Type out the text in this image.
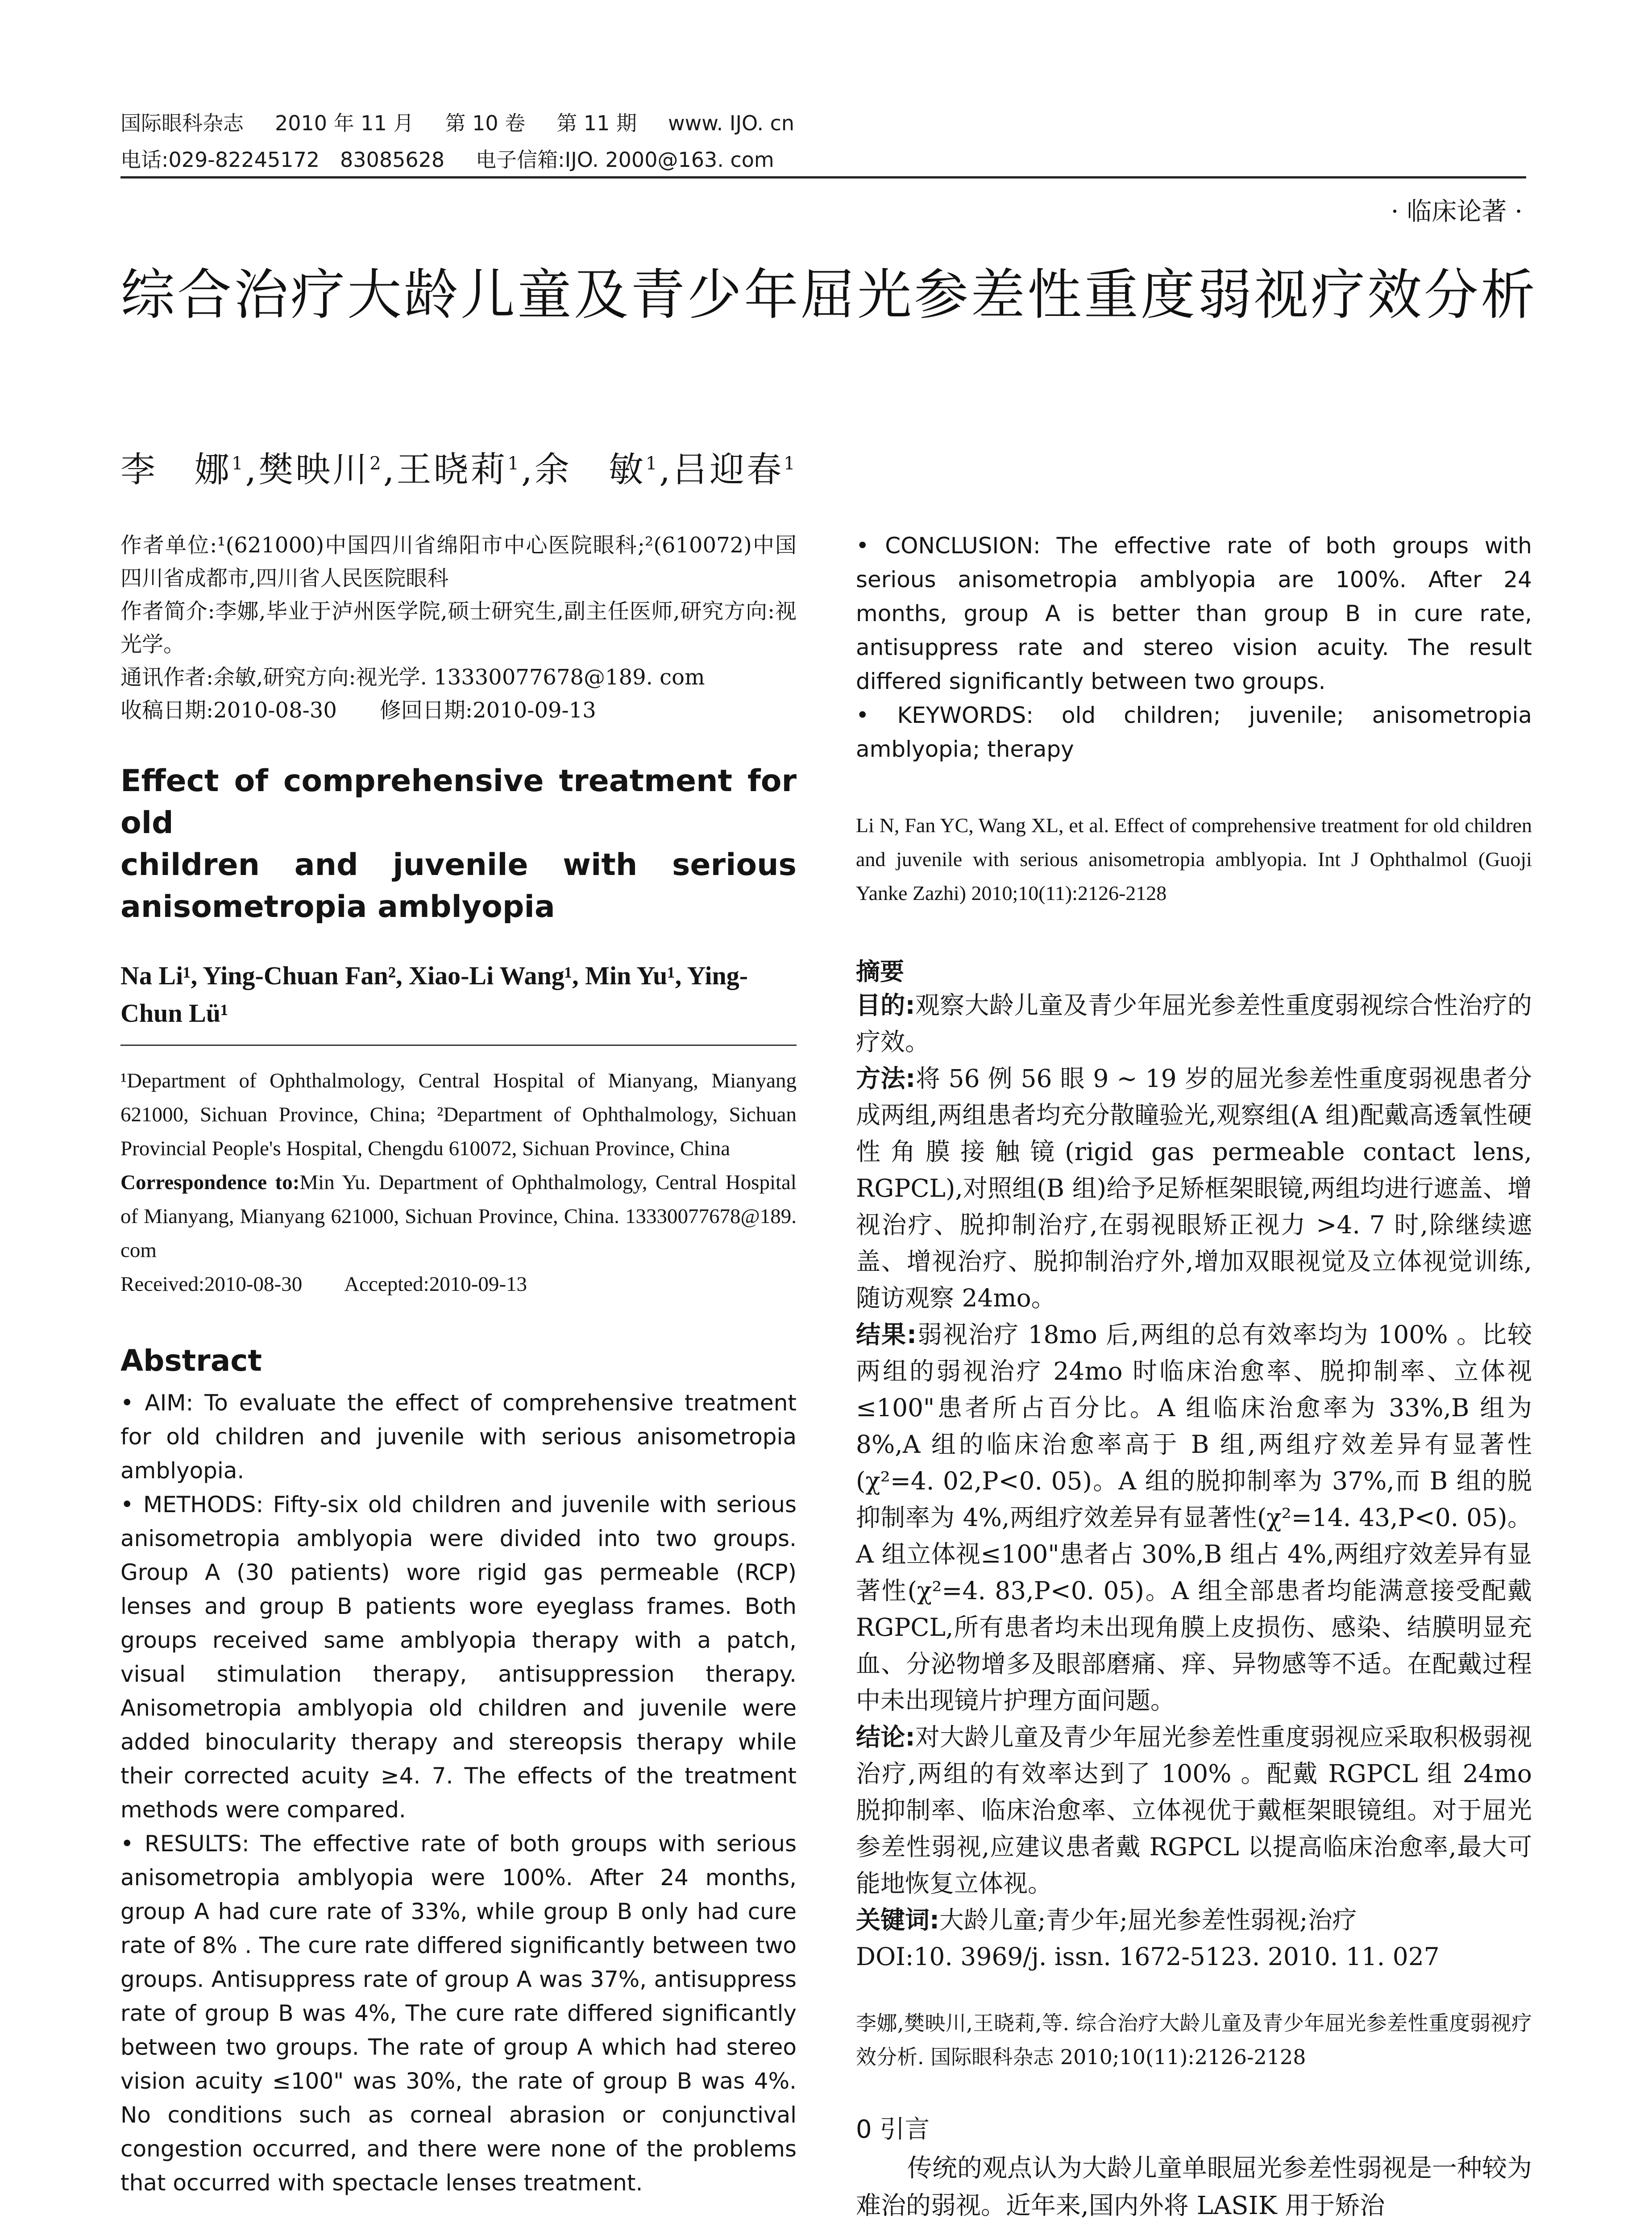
国际眼科杂志 2010 年 11 月 第 10 卷 第 11 期 www. IJO. cn
电话:029-82245172　83085628 电子信箱:IJO. 2000@163. com
· 临床论著 ·
综合治疗大龄儿童及青少年屈光参差性重度弱视疗效分析
李　娜$^1$,樊映川$^2$,王晓莉$^1$,余　敏$^1$,吕迎春$^1$

作者单位:¹(621000)中国四川省绵阳市中心医院眼科;²(610072)中国四川省成都市,四川省人民医院眼科

作者简介:李娜,毕业于泸州医学院,硕士研究生,副主任医师,研究方向:视光学。

通讯作者:余敏,研究方向:视光学. 13330077678@189. com

收稿日期:2010-08-30　　修回日期:2010-09-13

Effect of comprehensive treatment for old
children and juvenile with serious
anisometropia amblyopia
Na Li¹, Ying-Chuan Fan², Xiao-Li Wang¹, Min Yu¹, Ying-Chun Lü¹

¹Department of Ophthalmology, Central Hospital of Mianyang, Mianyang 621000, Sichuan Province, China; ²Department of Ophthalmology, Sichuan Provincial People's Hospital, Chengdu 610072, Sichuan Province, China

Correspondence to:Min Yu. Department of Ophthalmology, Central Hospital of Mianyang, Mianyang 621000, Sichuan Province, China. 13330077678@189. com

Received:2010-08-30　　Accepted:2010-09-13

Abstract

• AIM: To evaluate the effect of comprehensive treatment for old children and juvenile with serious anisometropia amblyopia.

• METHODS: Fifty-six old children and juvenile with serious anisometropia amblyopia were divided into two groups. Group A (30 patients) wore rigid gas permeable (RCP) lenses and group B patients wore eyeglass frames. Both groups received same amblyopia therapy with a patch, visual stimulation therapy, antisuppression therapy. Anisometropia amblyopia old children and juvenile were added binocularity therapy and stereopsis therapy while their corrected acuity ≥4. 7. The effects of the treatment methods were compared.

• RESULTS: The effective rate of both groups with serious anisometropia amblyopia were 100%. After 24 months, group A had cure rate of 33%, while group B only had cure rate of 8% . The cure rate differed significantly between two groups. Antisuppress rate of group A was 37%, antisuppress rate of group B was 4%, The cure rate differed significantly between two groups. The rate of group A which had stereo vision acuity ≤100" was 30%, the rate of group B was 4%. No conditions such as corneal abrasion or conjunctival congestion occurred, and there were none of the problems that occurred with spectacle lenses treatment.

• CONCLUSION: The effective rate of both groups with serious anisometropia amblyopia are 100%. After 24 months, group A is better than group B in cure rate, antisuppress rate and stereo vision acuity. The result differed significantly between two groups.

• KEYWORDS: old children; juvenile; anisometropia amblyopia; therapy

Li N, Fan YC, Wang XL, et al. Effect of comprehensive treatment for old children and juvenile with serious anisometropia amblyopia. Int J Ophthalmol (Guoji Yanke Zazhi) 2010;10(11):2126-2128
摘要

目的:观察大龄儿童及青少年屈光参差性重度弱视综合性治疗的疗效。

方法:将 56 例 56 眼 9 ~ 19 岁的屈光参差性重度弱视患者分成两组,两组患者均充分散瞳验光,观察组(A 组)配戴高透氧性硬性角膜接触镜(rigid gas permeable contact lens, RGPCL),对照组(B 组)给予足矫框架眼镜,两组均进行遮盖、增视治疗、脱抑制治疗,在弱视眼矫正视力 >4. 7 时,除继续遮盖、增视治疗、脱抑制治疗外,增加双眼视觉及立体视觉训练,随访观察 24mo。

结果:弱视治疗 18mo 后,两组的总有效率均为 100% 。比较两组的弱视治疗 24mo 时临床治愈率、脱抑制率、立体视≤100"患者所占百分比。A 组临床治愈率为 33%,B 组为 8%,A 组的临床治愈率高于 B 组,两组疗效差异有显著性(χ²=4. 02,P<0. 05)。A 组的脱抑制率为 37%,而 B 组的脱抑制率为 4%,两组疗效差异有显著性(χ²=14. 43,P<0. 05)。A 组立体视≤100"患者占 30%,B 组占 4%,两组疗效差异有显著性(χ²=4. 83,P<0. 05)。A 组全部患者均能满意接受配戴 RGPCL,所有患者均未出现角膜上皮损伤、感染、结膜明显充血、分泌物增多及眼部磨痛、痒、异物感等不适。在配戴过程中未出现镜片护理方面问题。

结论:对大龄儿童及青少年屈光参差性重度弱视应采取积极弱视治疗,两组的有效率达到了 100% 。配戴 RGPCL 组 24mo 脱抑制率、临床治愈率、立体视优于戴框架眼镜组。对于屈光参差性弱视,应建议患者戴 RGPCL 以提高临床治愈率,最大可能地恢复立体视。

关键词:大龄儿童;青少年;屈光参差性弱视;治疗

DOI:10. 3969/j. issn. 1672-5123. 2010. 11. 027

李娜,樊映川,王晓莉,等. 综合治疗大龄儿童及青少年屈光参差性重度弱视疗效分析. 国际眼科杂志 2010;10(11):2126-2128
0 引言
传统的观点认为大龄儿童单眼屈光参差性弱视是一种较为难治的弱视。近年来,国内外将 LASIK 用于矫治
